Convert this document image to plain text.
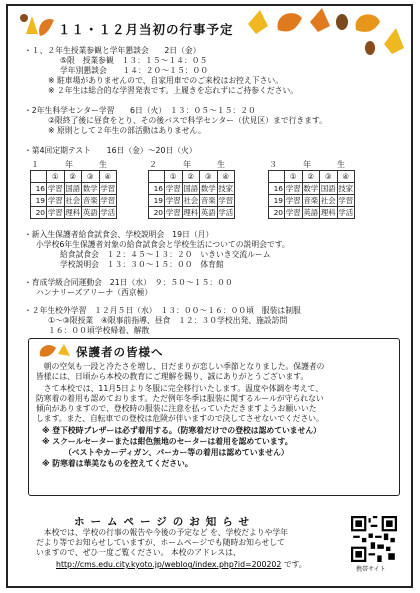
１１・１２月当初の行事予定
・１、２年生授業参観と学年懇談会　　2日（金）
⑤限　授業参観　１３：１５～１４：０５
学年別懇談会　　１４：２０～１５：００
※ 駐車場がありませんので、自家用車でのご来校はお控え下さい。
※ ２年生は総合的な学習発表です。上履きを忘れずにご持参ください。
・2年生科学センター学習　　6日（火）　１３：０５～１５：２０
②限終了後に昼食をとり、その後バスで科学センター（伏見区）まで行きます。
※ 原則として２年生の部活動はありません。
・第4回定期テスト　　16日（金）～20日（火）
１　年　生				
	①	②	③	④
16	学習	国語	数学	学習
19	学習	社会	音楽	学習
20	学習	理科	英語	学活
２　年　生				
	①	②	③	④
16	学習	国語	数学	技家
19	学習	社会	音楽	学習
20	学習	理科	英語	学活
３　年　生				
	①	②	③	④
16	学習	数学	国語	技家
19	学習	音楽	社会	学習
20	学習	英語	理科	学活
・新入生保護者給食試食会、学校説明会　19日（月）
小学校6年生保護者対象の給食試食会と学校生活についての説明会です。
給食試食会　１２：４５～１３：２０　いきいき交流ルーム
学校説明会　１３：３０～１５：００　体育館
・育成学級合同運動会　21日（水）　９：５０～１５：００
ハンナリーズアリーナ（西京極）
・２年生校外学習　１２月５日（水）　１３：００～１６：００頃　服装は制服
①～③限授業　④限事前指導、昼食　１２：３０学校出発、施設訪問
１６：００頃学校帰着、解散
保護者の皆様へ
　朝の空気も一段と冷たさを増し、日だまりが恋しい季節となりました。保護者の
皆様には、日頃から本校の教育にご理解を賜り、誠にありがとうございます。
　さて本校では、11月5日より冬服に完全移行いたします。温度や体調を考えて、
防寒着の着用も認めております。ただ例年冬季は服装に関するルールが守られない
傾向がありますので、登校時の服装に注意を払っていただきますようお願いいた
します。また、自転車での登校は危険が伴いますので決してさせないでください。
※ 登下校時ブレザーは必ず着用する。（防寒着だけでの登校は認めていません）
※ スクールセーターまたは紺色無地のセーターは着用を認めています。
（ベストやカーディガン、パーカー等の着用は認めていません）
※ 防寒着は華美なものを控えてください。
ホームページのお知らせ
　本校では、学校の行事の報告や今後の予定など を、学校だよりや学年
だより等でお知らせしていますが、ホームページでも随時お知らせして
いますので、ぜひ一度ご覧ください。 本校のアドレスは、
http://cms.edu.city.kyoto.jp/weblog/index.php?id=200202 です。
携帯サイト
